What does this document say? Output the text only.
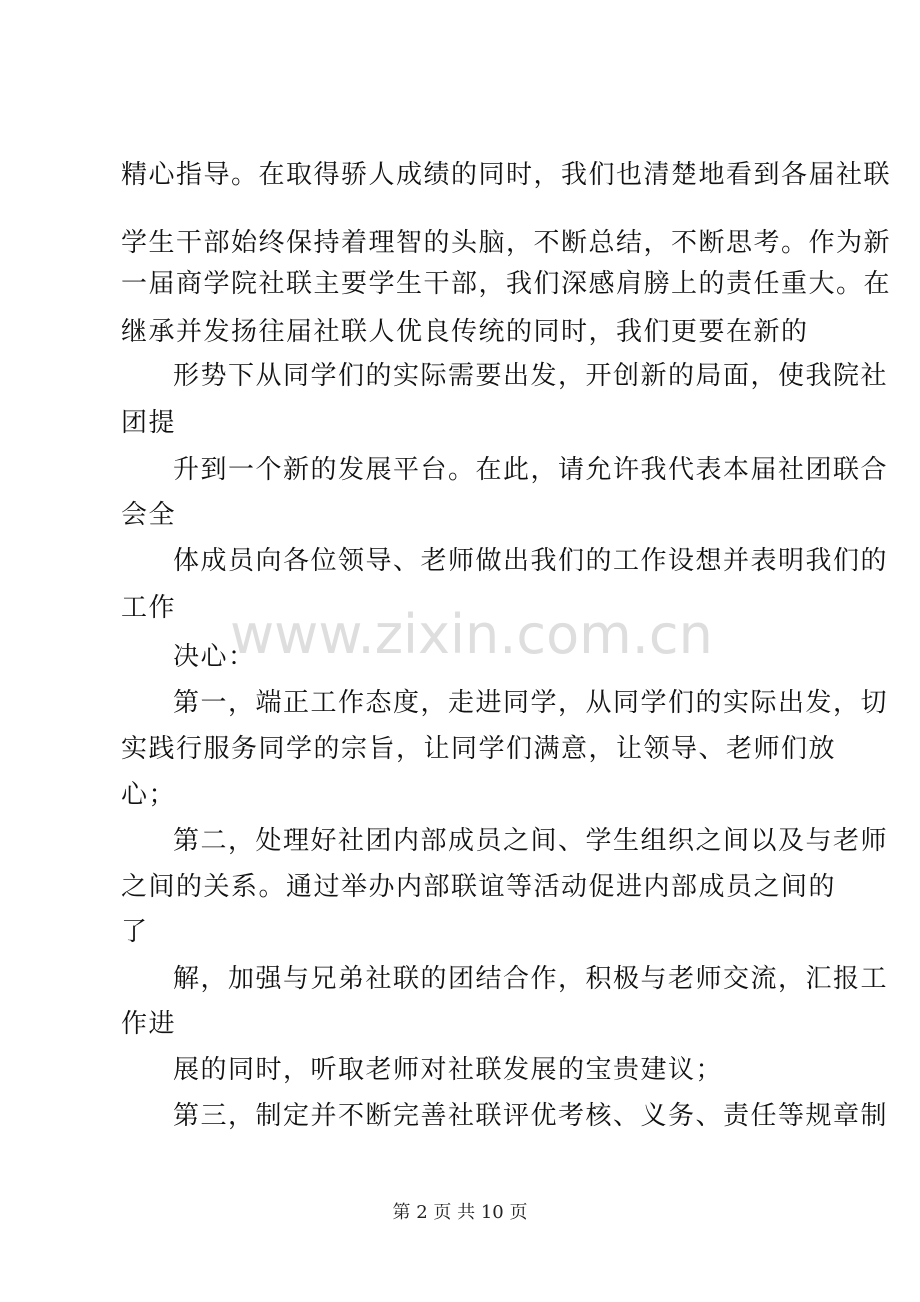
精心指导。在取得骄人成绩的同时，我们也清楚地看到各届社联
学生干部始终保持着理智的头脑，不断总结，不断思考。作为新
一届商学院社联主要学生干部，我们深感肩膀上的责任重大。在
继承并发扬往届社联人优良传统的同时，我们更要在新的
形势下从同学们的实际需要出发，开创新的局面，使我院社
团提
升到一个新的发展平台。在此，请允许我代表本届社团联合
会全
体成员向各位领导、老师做出我们的工作设想并表明我们的
工作
决心：
第一，端正工作态度，走进同学，从同学们的实际出发，切
实践行服务同学的宗旨，让同学们满意，让领导、老师们放
心；
第二，处理好社团内部成员之间、学生组织之间以及与老师
之间的关系。通过举办内部联谊等活动促进内部成员之间的
了
解，加强与兄弟社联的团结合作，积极与老师交流，汇报工
作进
展的同时，听取老师对社联发展的宝贵建议；
第三，制定并不断完善社联评优考核、义务、责任等规章制
www.zixin.com.cn
第 2 页 共 10 页
